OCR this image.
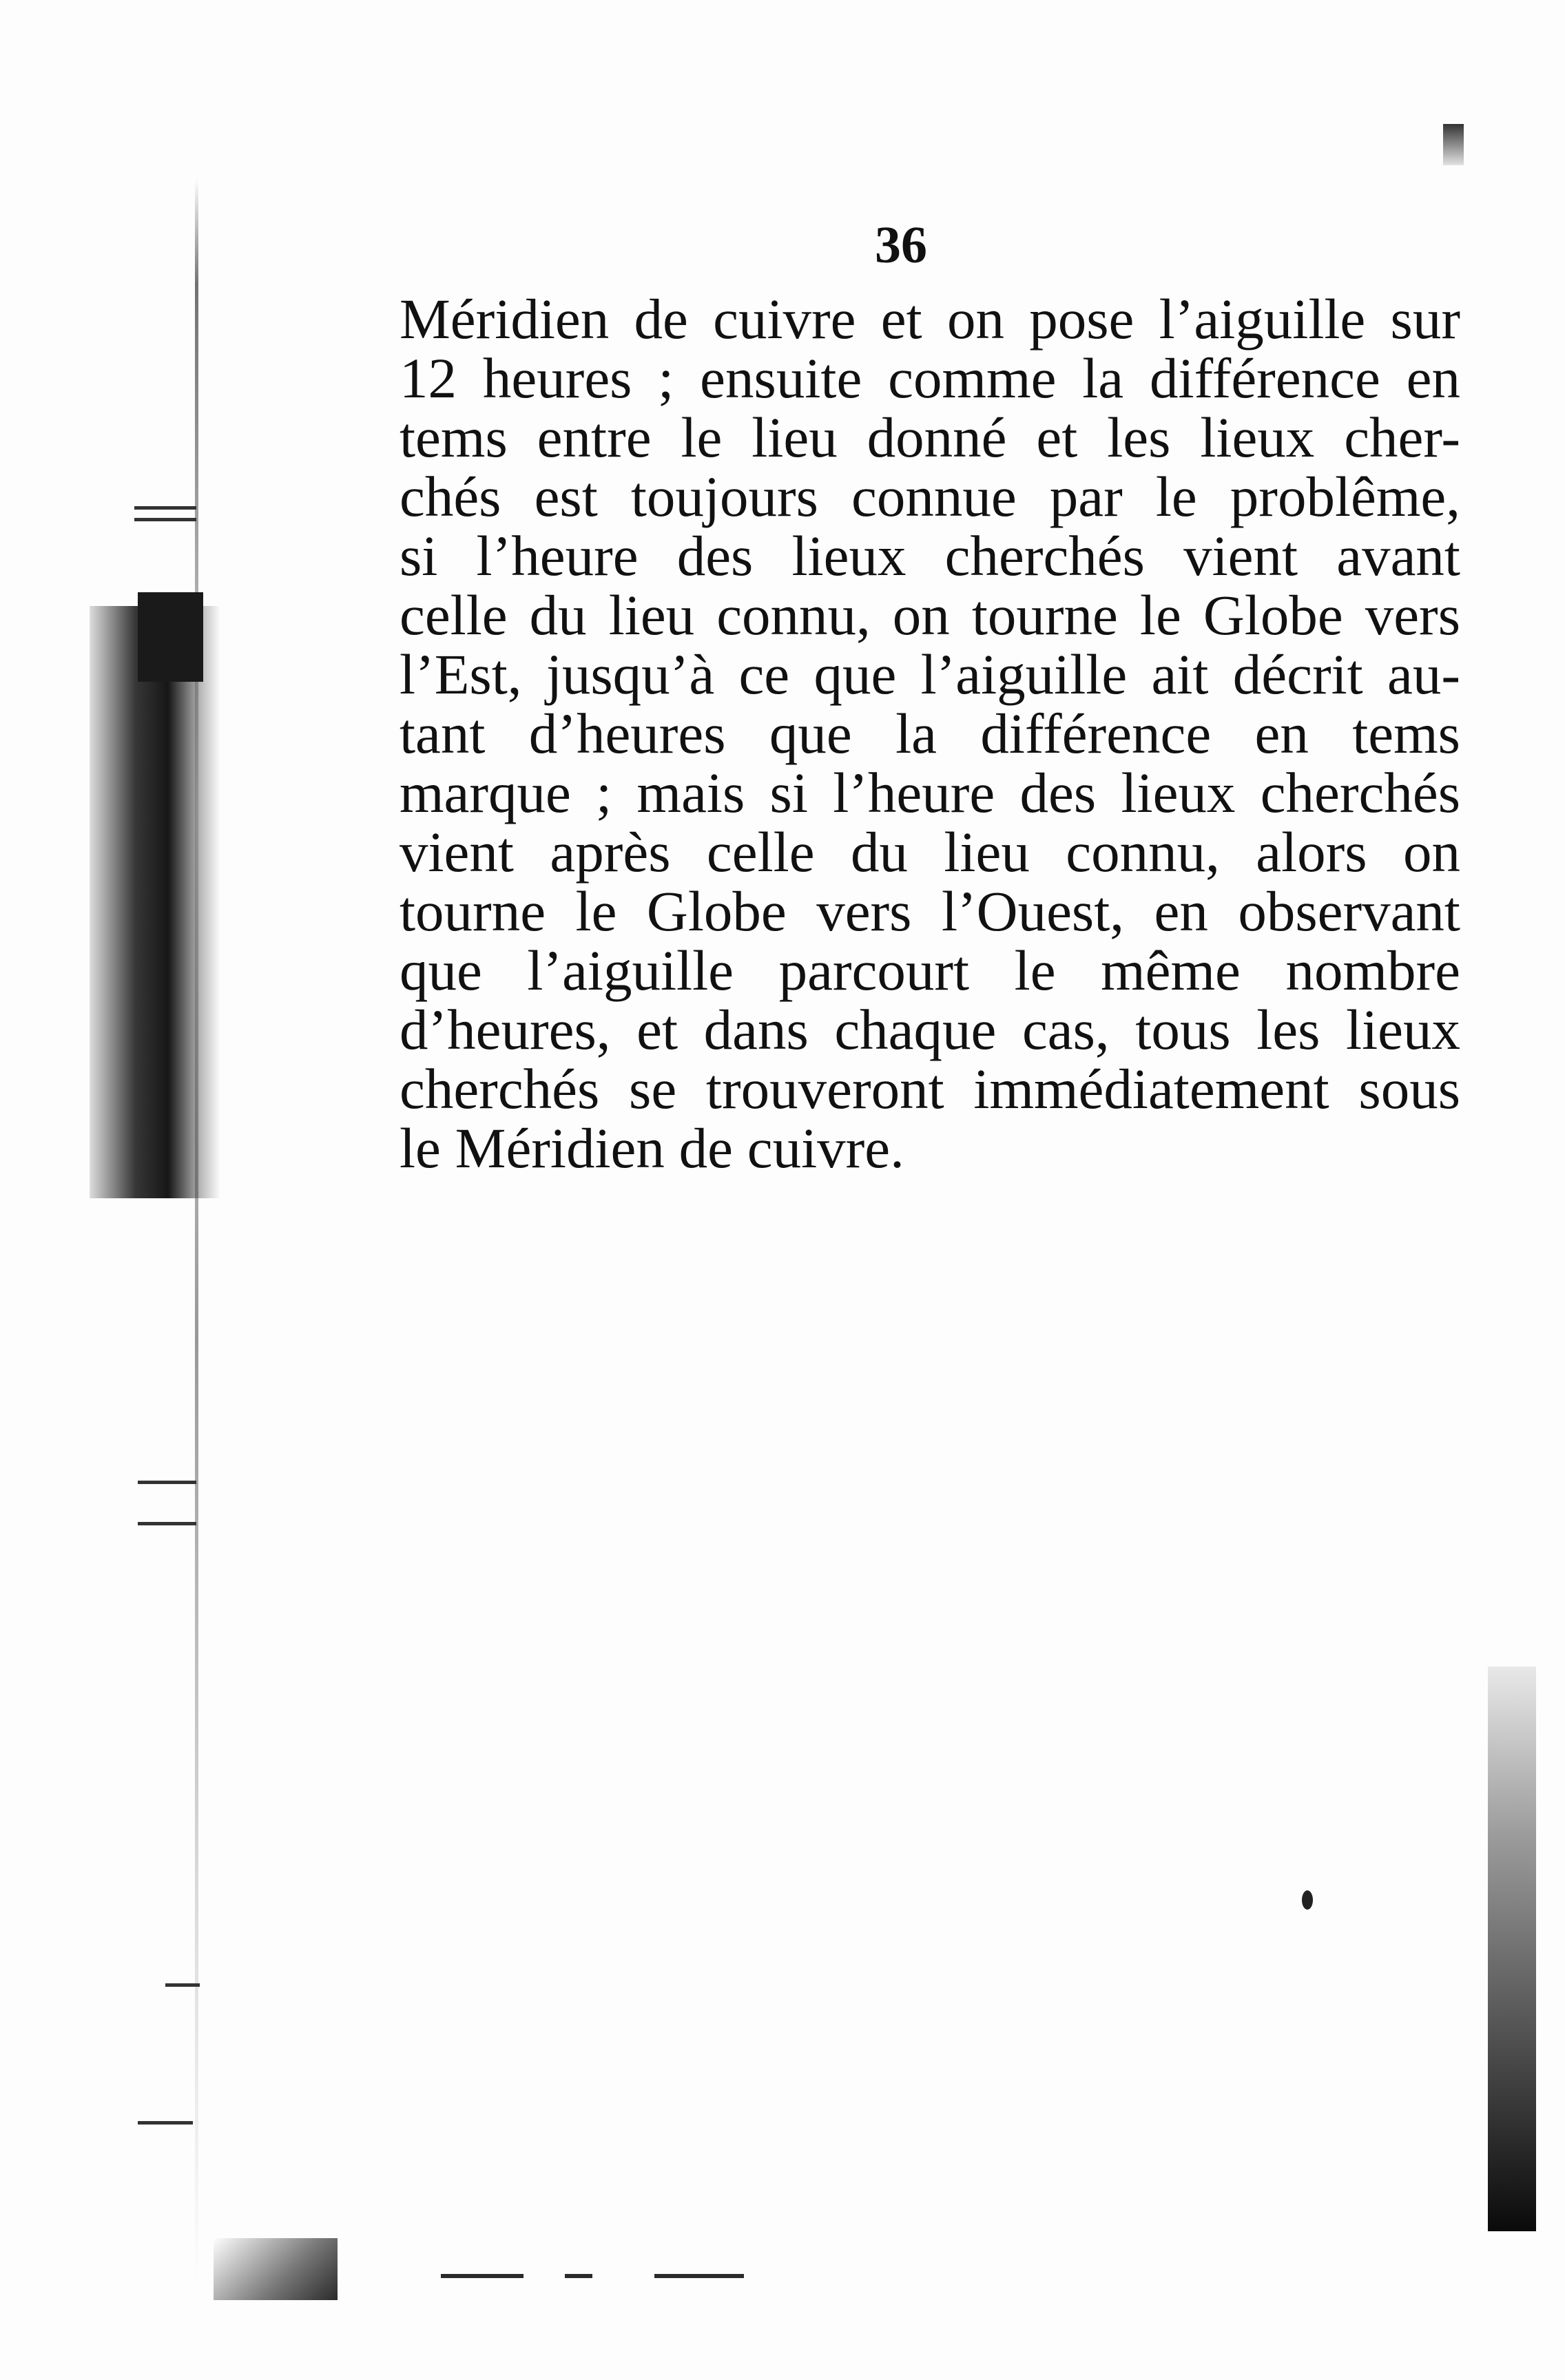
36
Méridien de cuivre et on pose l’aiguille sur
12 heures ; ensuite comme la différence en
tems entre le lieu donné et les lieux cher-
chés est toujours connue par le problême,
si l’heure des lieux cherchés vient avant
celle du lieu connu, on tourne le Globe vers
l’Est, jusqu’à ce que l’aiguille ait décrit au-
tant d’heures que la différence en tems
marque ; mais si l’heure des lieux cherchés
vient après celle du lieu connu, alors on
tourne le Globe vers l’Ouest, en observant
que l’aiguille parcourt le même nombre
d’heures, et dans chaque cas, tous les lieux
cherchés se trouveront immédiatement sous
le Méridien de cuivre.
